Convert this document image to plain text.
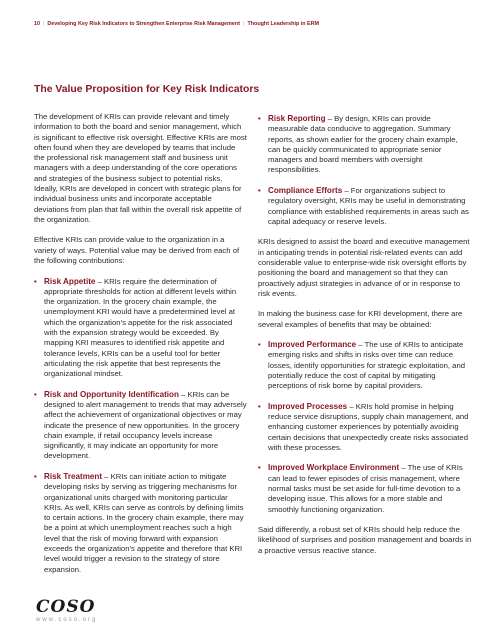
10 | Developing Key Risk Indicators to Strengthen Enterprise Risk Management | Thought Leadership in ERM
The Value Proposition for Key Risk Indicators

The development of KRIs can provide relevant and timely information to both the board and senior management, which is significant to effective risk oversight. Effective KRIs are most often found when they are developed by teams that include the professional risk management staff and business unit managers with a deep understanding of the core operations and strategies of the business subject to potential risks. Ideally, KRIs are developed in concert with strategic plans for individual business units and incorporate acceptable deviations from plan that fall within the overall risk appetite of the organization.

Effective KRIs can provide value to the organization in a variety of ways. Potential value may be derived from each of the following contributions:

• Risk Appetite – KRIs require the determination of appropriate thresholds for action at different levels within the organization. In the grocery chain example, the unemployment KRI would have a predetermined level at which the organization’s appetite for the risk associated with the expansion strategy would be exceeded. By mapping KRI measures to identified risk appetite and tolerance levels, KRIs can be a useful tool for better articulating the risk appetite that best represents the organizational mindset.
• Risk and Opportunity Identification – KRIs can be designed to alert management to trends that may adversely affect the achievement of organizational objectives or may indicate the presence of new opportunities. In the grocery chain example, if retail occupancy levels increase significantly, it may indicate an opportunity for more development.
• Risk Treatment – KRIs can initiate action to mitigate developing risks by serving as triggering mechanisms for organizational units charged with monitoring particular KRIs. As well, KRIs can serve as controls by defining limits to certain actions. In the grocery chain example, there may be a point at which unemployment reaches such a high level that the risk of moving forward with expansion exceeds the organization’s appetite and therefore that KRI level would trigger a revision to the strategy of store expansion.
• Risk Reporting – By design, KRIs can provide measurable data conducive to aggregation. Summary reports, as shown earlier for the grocery chain example, can be quickly communicated to appropriate senior managers and board members with oversight responsibilities.
• Compliance Efforts – For organizations subject to regulatory oversight, KRIs may be useful in demonstrating compliance with established requirements in areas such as capital adequacy or reserve levels.

KRIs designed to assist the board and executive management in anticipating trends in potential risk-related events can add considerable value to enterprise-wide risk oversight efforts by positioning the board and management so that they can proactively adjust strategies in advance of or in response to risk events.

In making the business case for KRI development, there are several examples of benefits that may be obtained:

• Improved Performance – The use of KRIs to anticipate emerging risks and shifts in risks over time can reduce losses, identify opportunities for strategic exploitation, and potentially reduce the cost of capital by mitigating perceptions of risk borne by capital providers.
• Improved Processes – KRIs hold promise in helping reduce service disruptions, supply chain management, and enhancing customer experiences by potentially avoiding certain decisions that unexpectedly create risks associated with these processes.
• Improved Workplace Environment – The use of KRIs can lead to fewer episodes of crisis management, where normal tasks must be set aside for full-time devotion to a developing issue. This allows for a more stable and smoothly functioning organization.

Said differently, a robust set of KRIs should help reduce the likelihood of surprises and position management and boards in a proactive versus reactive stance.

COSO
www.coso.org
